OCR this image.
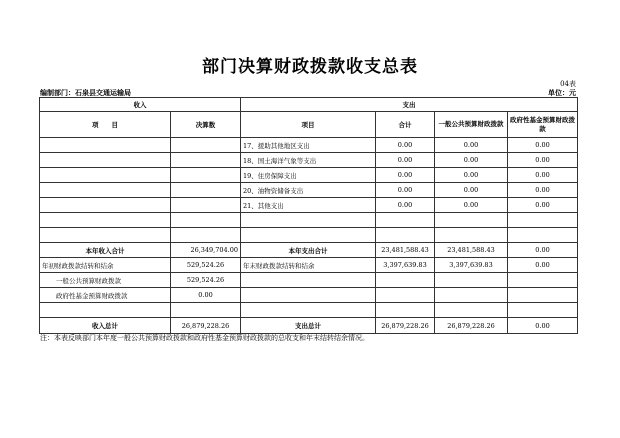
部门决算财政拨款收支总表
04表
编制部门：石泉县交通运输局	单位：元
收入		支出			
项　　目	决算数	项目	合计	一般公共预算财政拨款	政府性基金预算财政拨款
		17、援助其他地区支出	0.00	0.00	0.00
		18、国土海洋气象等支出	0.00	0.00	0.00
		19、住房保障支出	0.00	0.00	0.00
		20、油物资储备支出	0.00	0.00	0.00
		21、其他支出	0.00	0.00	0.00

本年收入合计	26,349,704.00	本年支出合计	23,481,588.43	23,481,588.43	0.00
年初财政拨款结转和结余	529,524.26	年末财政拨款结转和结余	3,397,639.83	3,397,639.83	0.00
一般公共预算财政拨款	529,524.26				
政府性基金预算财政拨款	0.00				

收入总计	26,879,228.26	支出总计	26,879,228.26	26,879,228.26	0.00
注：本表反映部门本年度一般公共预算财政拨款和政府性基金预算财政拨款的总收支和年末结转结余情况。
